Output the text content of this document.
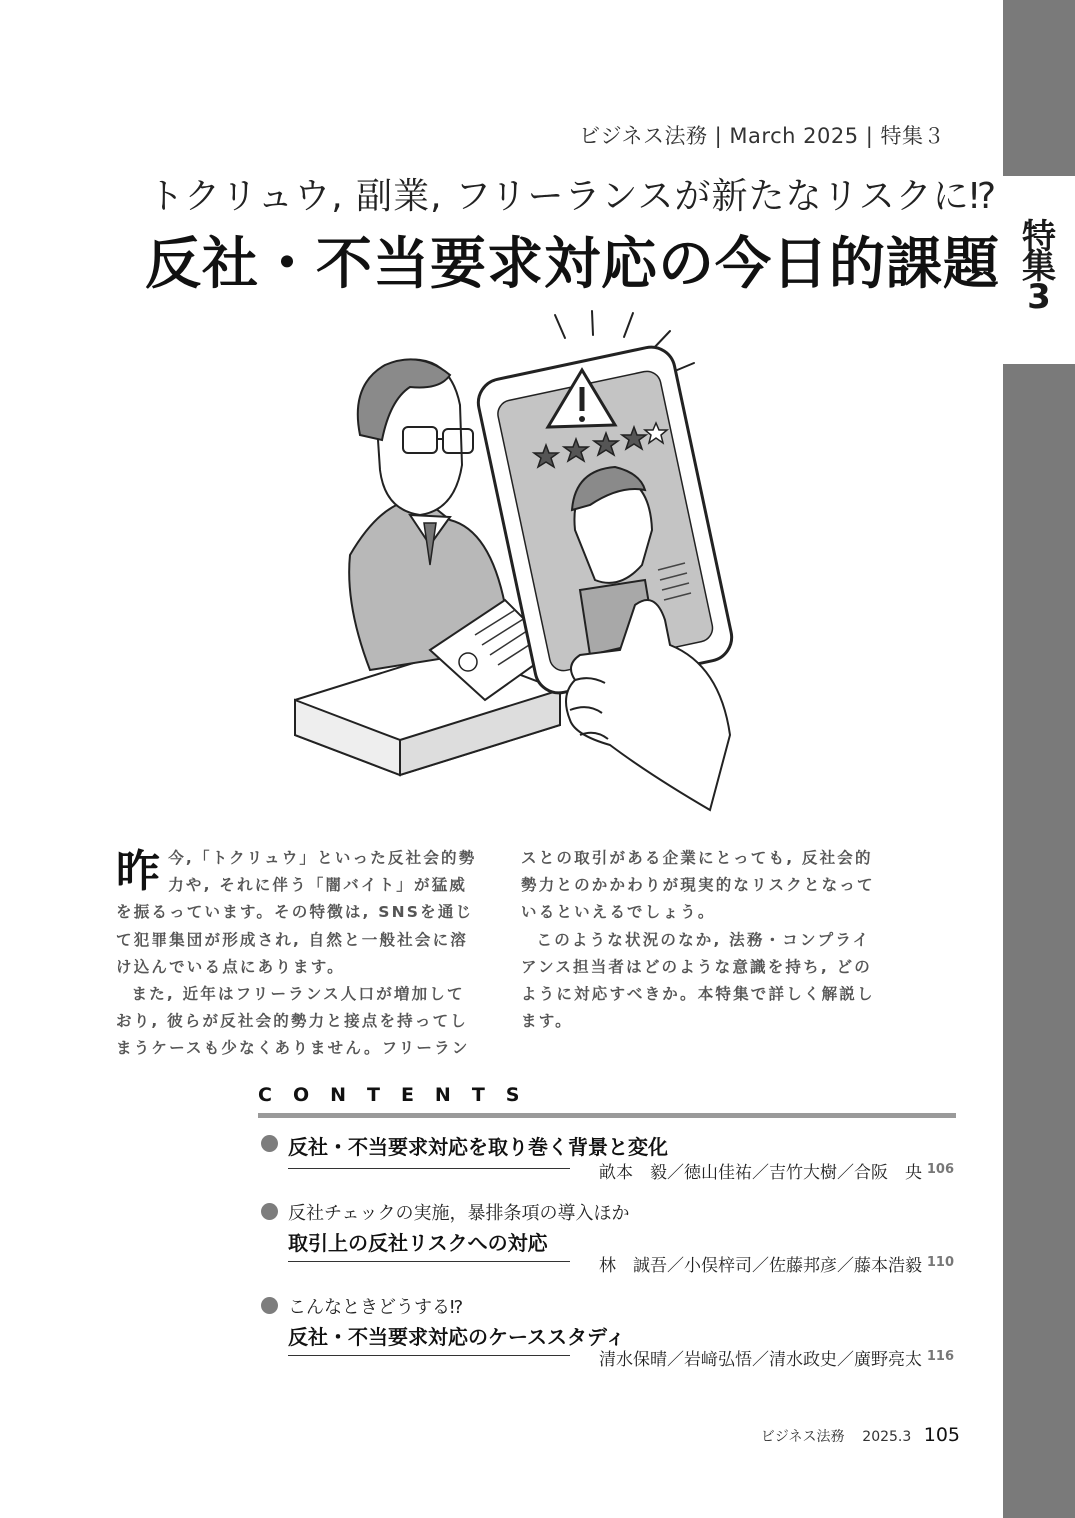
特
集
3
ビジネス法務 | March 2025 | 特集３
トクリュウ, 副業, フリーランスが新たなリスクに⁉
反社・不当要求対応の今日的課題
昨 今,「トクリュウ」といった反社会的勢力や, それに伴う「闇バイト」が猛威を振るっています。その特徴は, SNSを通じて犯罪集団が形成され, 自然と一般社会に溶け込んでいる点にあります。

また, 近年はフリーランス人口が増加しており, 彼らが反社会的勢力と接点を持ってしまうケースも少なくありません。フリーラン

スとの取引がある企業にとっても, 反社会的勢力とのかかわりが現実的なリスクとなっているといえるでしょう。

このような状況のなか, 法務・コンプライアンス担当者はどのような意識を持ち, どのように対応すべきか。本特集で詳しく解説します。

CONTENTS
反社・不当要求対応を取り巻く背景と変化
畝本　毅／徳山佳祐／吉竹大樹／合阪　央 106
反社チェックの実施，暴排条項の導入ほか
取引上の反社リスクへの対応
林　誠吾／小俣梓司／佐藤邦彦／藤本浩毅 110
こんなときどうする⁉
反社・不当要求対応のケーススタディ
清水保晴／岩﨑弘悟／清水政史／廣野亮太 116
ビジネス法務 2025.3 105
